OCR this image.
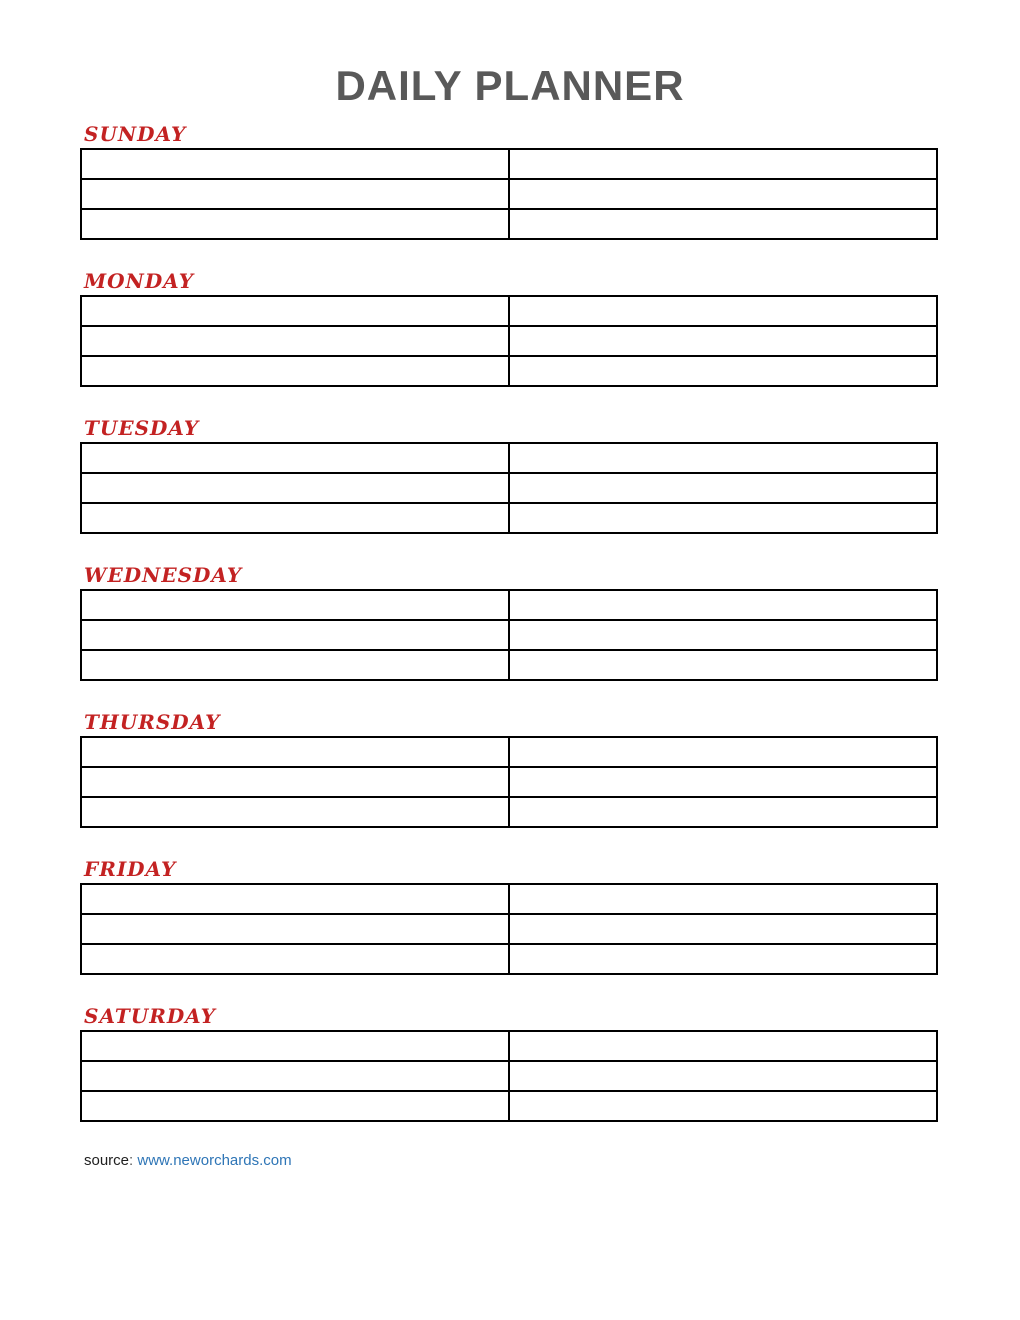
DAILY PLANNER
SUNDAY

MONDAY

TUESDAY

WEDNESDAY

THURSDAY

FRIDAY

SATURDAY

source: www.neworchards.com
